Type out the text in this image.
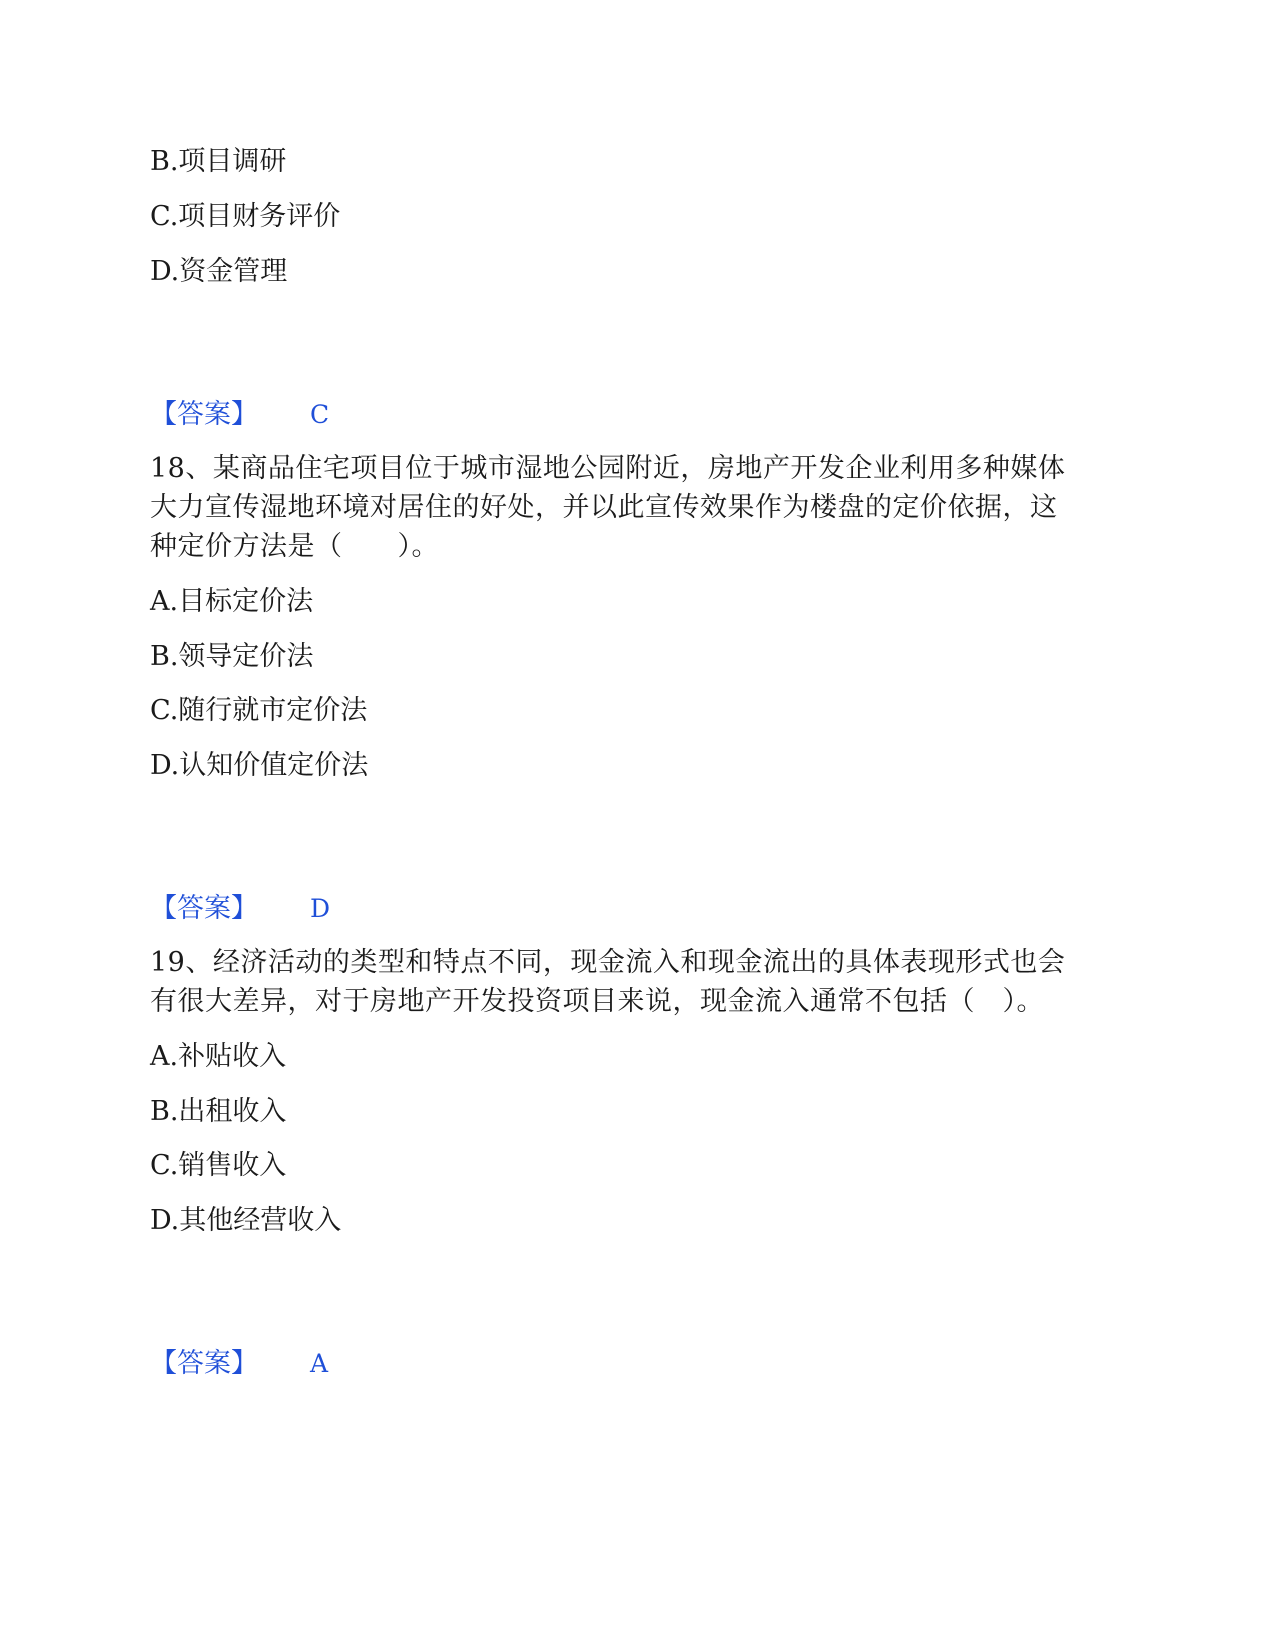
B.项目调研
C.项目财务评价
D.资金管理
【答案】 C
18、某商品住宅项目位于城市湿地公园附近，房地产开发企业利用多种媒体
大力宣传湿地环境对居住的好处，并以此宣传效果作为楼盘的定价依据，这
种定价方法是（　　）。
A.目标定价法
B.领导定价法
C.随行就市定价法
D.认知价值定价法
【答案】 D
19、经济活动的类型和特点不同，现金流入和现金流出的具体表现形式也会
有很大差异，对于房地产开发投资项目来说，现金流入通常不包括（　）。
A.补贴收入
B.出租收入
C.销售收入
D.其他经营收入
【答案】 A
